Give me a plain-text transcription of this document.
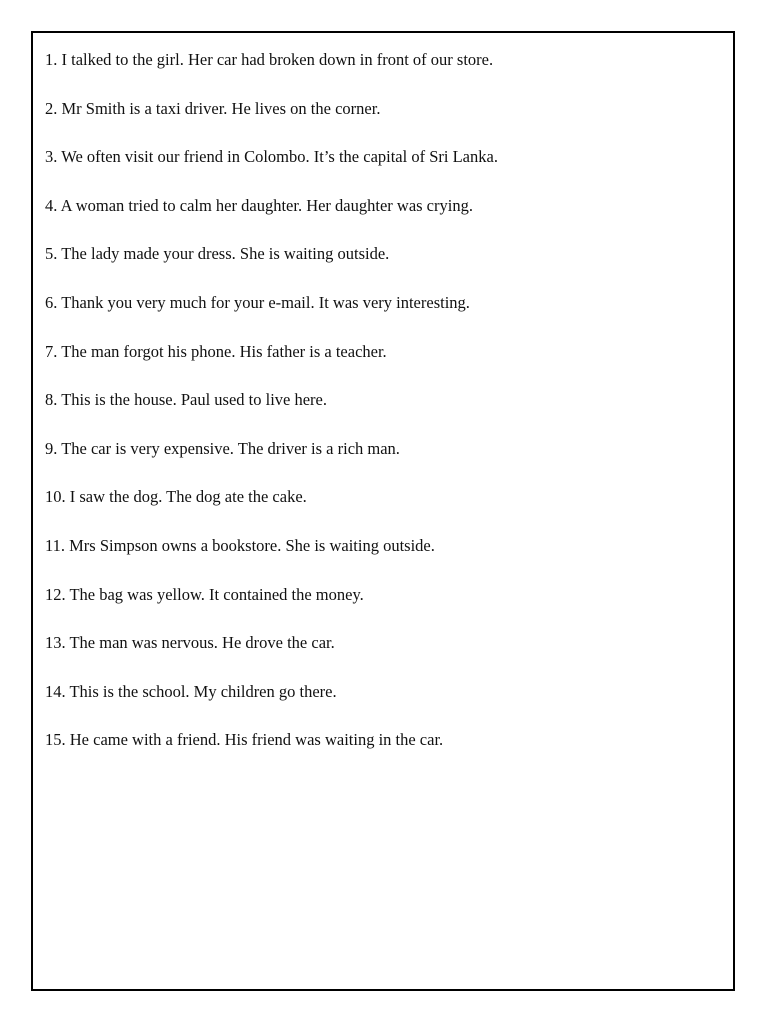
1. I talked to the girl. Her car had broken down in front of our store.
2. Mr Smith is a taxi driver. He lives on the corner.
3. We often visit our friend in Colombo. It’s the capital of Sri Lanka.
4. A woman tried to calm her daughter. Her daughter was crying.
5. The lady made your dress. She is waiting outside.
6. Thank you very much for your e-mail. It was very interesting.
7. The man forgot his phone. His father is a teacher.
8. This is the house. Paul used to live here.
9. The car is very expensive. The driver is a rich man.
10. I saw the dog. The dog ate the cake.
11. Mrs Simpson owns a bookstore. She is waiting outside.
12. The bag was yellow. It contained the money.
13. The man was nervous. He drove the car.
14. This is the school. My children go there.
15. He came with a friend. His friend was waiting in the car.
